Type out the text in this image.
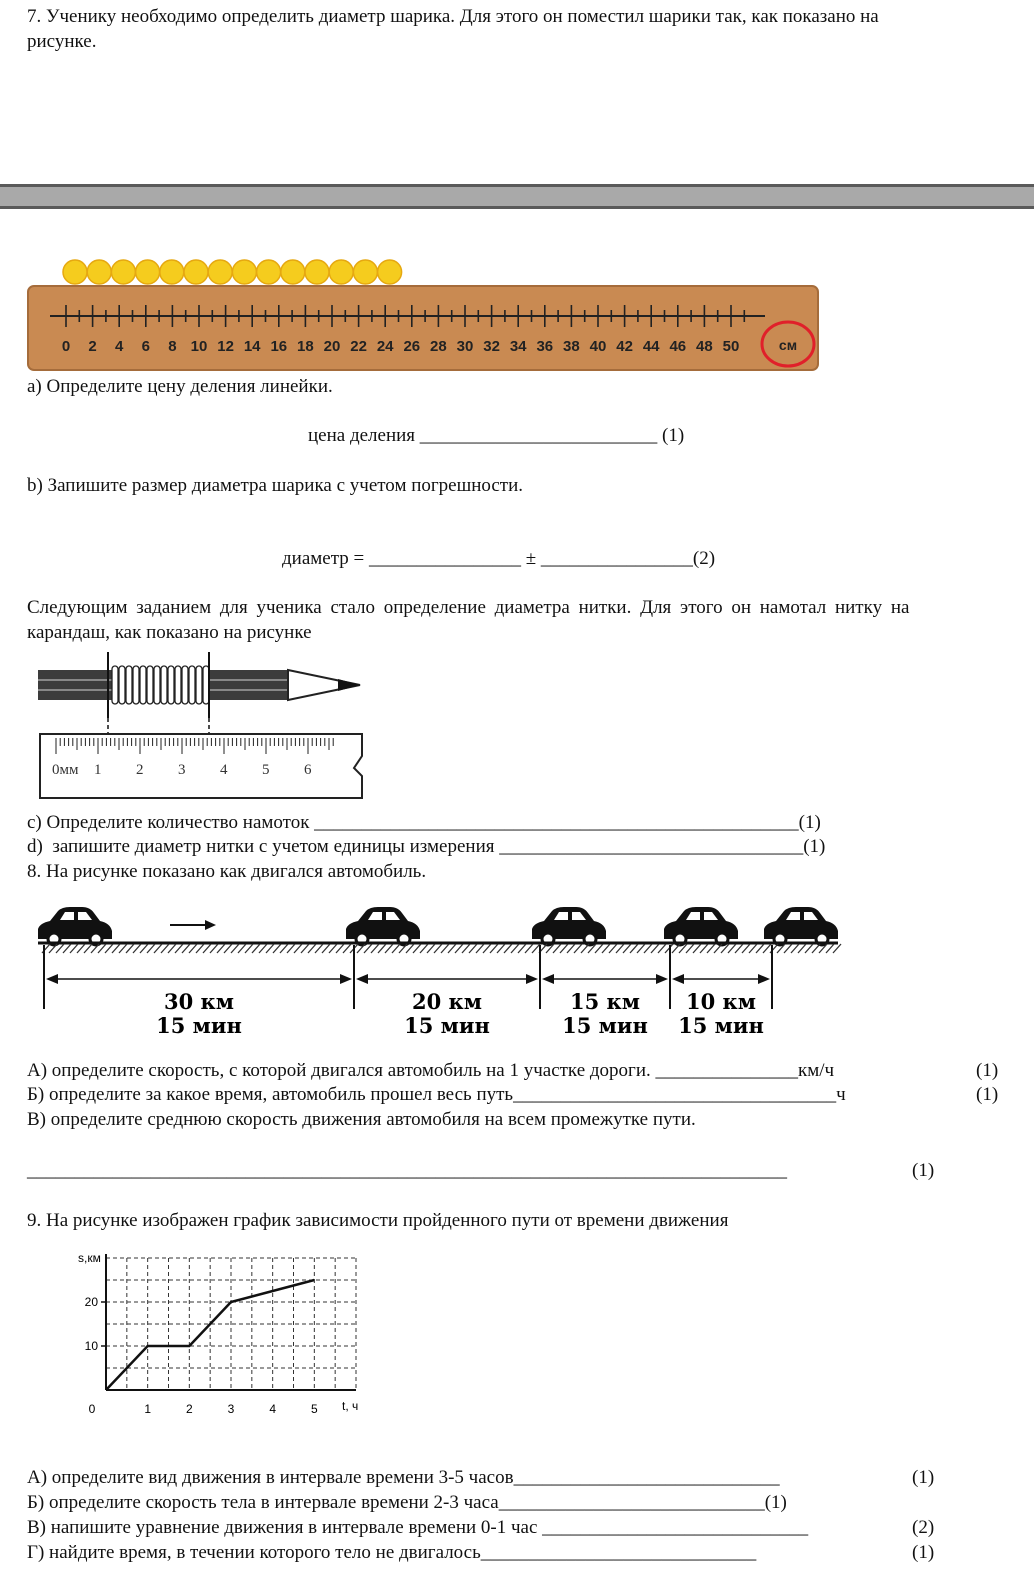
7. Ученику необходимо определить диаметр шарика. Для этого он поместил шарики так, как показано на
рисунке.
0 2 4 6 8 10 12 14 16 18 20 22 24 26 28 30 32 34 36 38 40 42 44 46 48 50	см
а) Определите цену деления линейки.
цена деления _________________________ (1)
b) Запишите размер диаметра шарика с учетом погрешности.
диаметр = ________________ ± ________________(2)
Следующим заданием для ученика стало определение диаметра нитки. Для этого он намотал нитку на
карандаш, как показано на рисунке
0мм 1 2 3 4 5 6
c) Определите количество намоток ___________________________________________________(1)
d)  запишите диаметр нитки с учетом единицы измерения ________________________________(1)
8. На рисунке показано как двигался автомобиль.
30 км
15 мин
20 км
15 мин
15 км
15 мин
10 км
15 мин
А) определите скорость, с которой двигался автомобиль на 1 участке дороги. _______________км/ч	(1)
Б) определите за какое время, автомобиль прошел весь путь__________________________________ч	(1)
В) определите среднюю скорость движения автомобиля на всем промежутке пути.
________________________________________________________________________________	(1)
9. На рисунке изображен график зависимости пройденного пути от времени движения
0	1	2	3	4	5
10
20
s,км
t, ч
А) определите вид движения в интервале времени 3-5 часов____________________________	(1)
Б) определите скорость тела в интервале времени 2-3 часа____________________________(1)
В) напишите уравнение движения в интервале времени 0-1 час ____________________________	(2)
Г) найдите время, в течении которого тело не двигалось_____________________________	(1)
